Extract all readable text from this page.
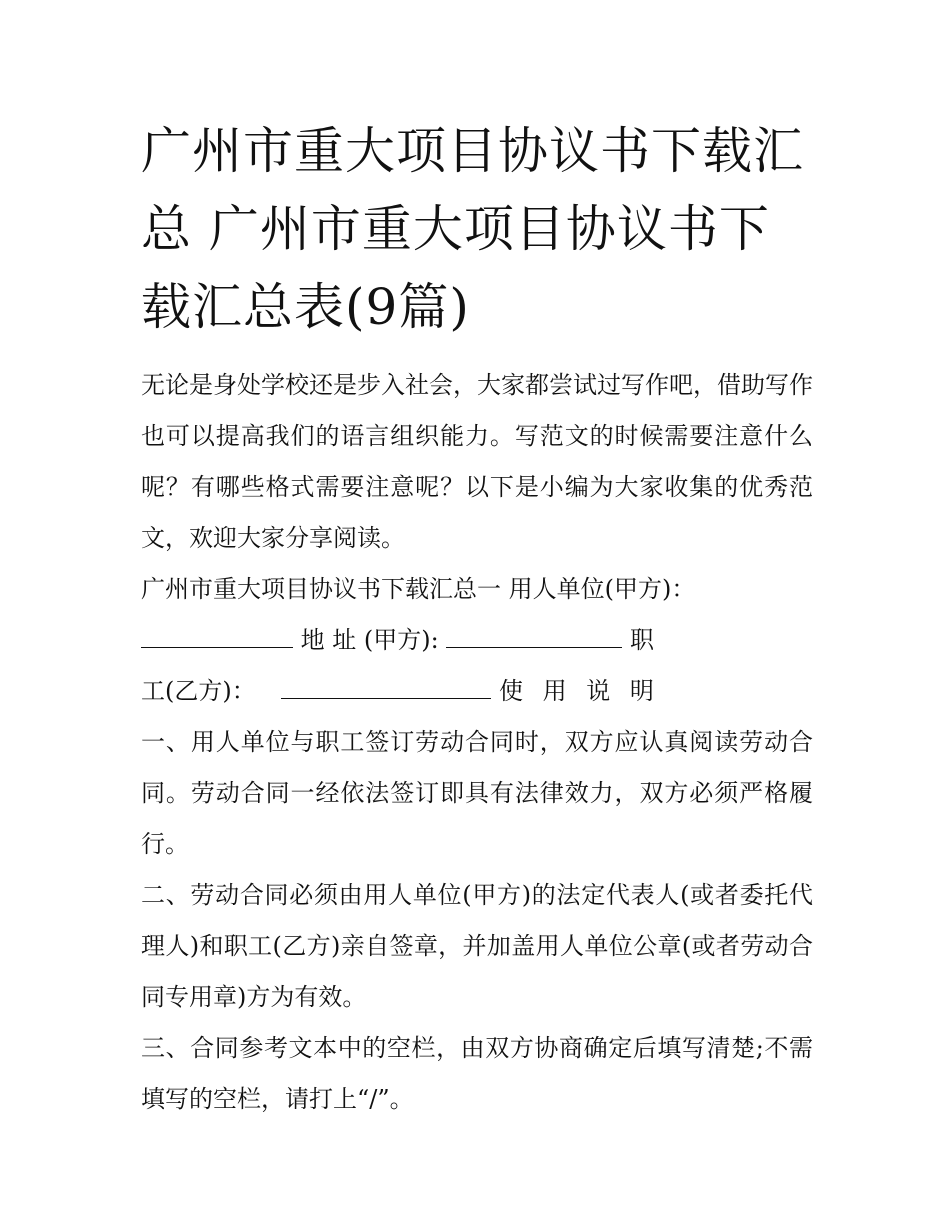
广州市重大项目协议书下载汇总 广州市重大项目协议书下载汇总表(9篇)

无论是身处学校还是步入社会，大家都尝试过写作吧，借助写作也可以提高我们的语言组织能力。写范文的时候需要注意什么呢？有哪些格式需要注意呢？以下是小编为大家收集的优秀范文，欢迎大家分享阅读。

广州市重大项目协议书下载汇总一 用人单位(甲方)：

地 址 (甲方):	职

工(乙方)：	使 用 说 明

一、用人单位与职工签订劳动合同时，双方应认真阅读劳动合同。劳动合同一经依法签订即具有法律效力，双方必须严格履行。

二、劳动合同必须由用人单位(甲方)的法定代表人(或者委托代理人)和职工(乙方)亲自签章，并加盖用人单位公章(或者劳动合同专用章)方为有效。

三、合同参考文本中的空栏，由双方协商确定后填写清楚;不需填写的空栏，请打上“/”。
